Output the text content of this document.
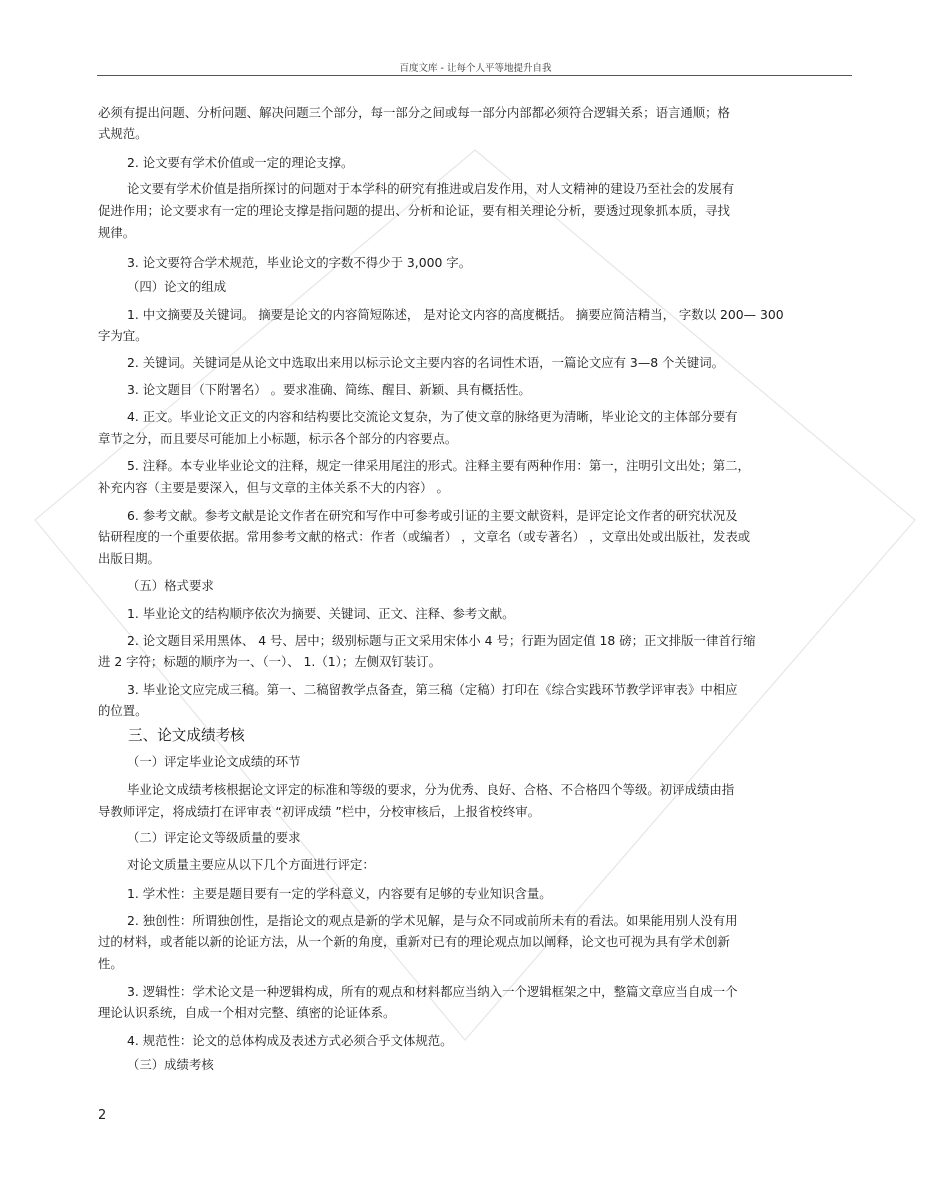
百度文库 - 让每个人平等地提升自我
必须有提出问题、分析问题、解决问题三个部分，每一部分之间或每一部分内部都必须符合逻辑关系；语言通顺；格
式规范。
2. 论文要有学术价值或一定的理论支撑。
论文要有学术价值是指所探讨的问题对于本学科的研究有推进或启发作用，对人文精神的建设乃至社会的发展有
促进作用；论文要求有一定的理论支撑是指问题的提出、分析和论证，要有相关理论分析，要透过现象抓本质，寻找
规律。
3. 论文要符合学术规范，毕业论文的字数不得少于 3,000 字。
（四）论文的组成
1. 中文摘要及关键词。 摘要是论文的内容简短陈述， 是对论文内容的高度概括。 摘要应简洁精当， 字数以 200— 300
字为宜。
2. 关键词。关键词是从论文中选取出来用以标示论文主要内容的名词性术语，一篇论文应有 3—8 个关键词。
3. 论文题目（下附署名） 。要求准确、简练、醒目、新颖、具有概括性。
4. 正文。毕业论文正文的内容和结构要比交流论文复杂，为了使文章的脉络更为清晰，毕业论文的主体部分要有
章节之分，而且要尽可能加上小标题，标示各个部分的内容要点。
5. 注释。本专业毕业论文的注释，规定一律采用尾注的形式。注释主要有两种作用：第一，注明引文出处；第二，
补充内容（主要是要深入，但与文章的主体关系不大的内容） 。
6. 参考文献。参考文献是论文作者在研究和写作中可参考或引证的主要文献资料，是评定论文作者的研究状况及
钻研程度的一个重要依据。常用参考文献的格式：作者（或编者） ，文章名（或专著名） ，文章出处或出版社，发表或
出版日期。
（五）格式要求
1. 毕业论文的结构顺序依次为摘要、关键词、正文、注释、参考文献。
2. 论文题目采用黑体、 4 号、居中；级别标题与正文采用宋体小 4 号；行距为固定值 18 磅；正文排版一律首行缩
进 2 字符；标题的顺序为一、（一）、 1.（1）；左侧双钉装订。
3. 毕业论文应完成三稿。第一、二稿留教学点备查，第三稿（定稿）打印在《综合实践环节教学评审表》中相应
的位置。
三、论文成绩考核
（一）评定毕业论文成绩的环节
毕业论文成绩考核根据论文评定的标准和等级的要求，分为优秀、良好、合格、不合格四个等级。初评成绩由指
导教师评定，将成绩打在评审表 “初评成绩 ”栏中，分校审核后，上报省校终审。
（二）评定论文等级质量的要求
对论文质量主要应从以下几个方面进行评定：
1. 学术性：主要是题目要有一定的学科意义，内容要有足够的专业知识含量。
2. 独创性：所谓独创性，是指论文的观点是新的学术见解，是与众不同或前所未有的看法。如果能用别人没有用
过的材料，或者能以新的论证方法，从一个新的角度，重新对已有的理论观点加以阐释，论文也可视为具有学术创新
性。
3. 逻辑性：学术论文是一种逻辑构成，所有的观点和材料都应当纳入一个逻辑框架之中，整篇文章应当自成一个
理论认识系统，自成一个相对完整、缜密的论证体系。
4. 规范性：论文的总体构成及表述方式必须合乎文体规范。
（三）成绩考核
2
